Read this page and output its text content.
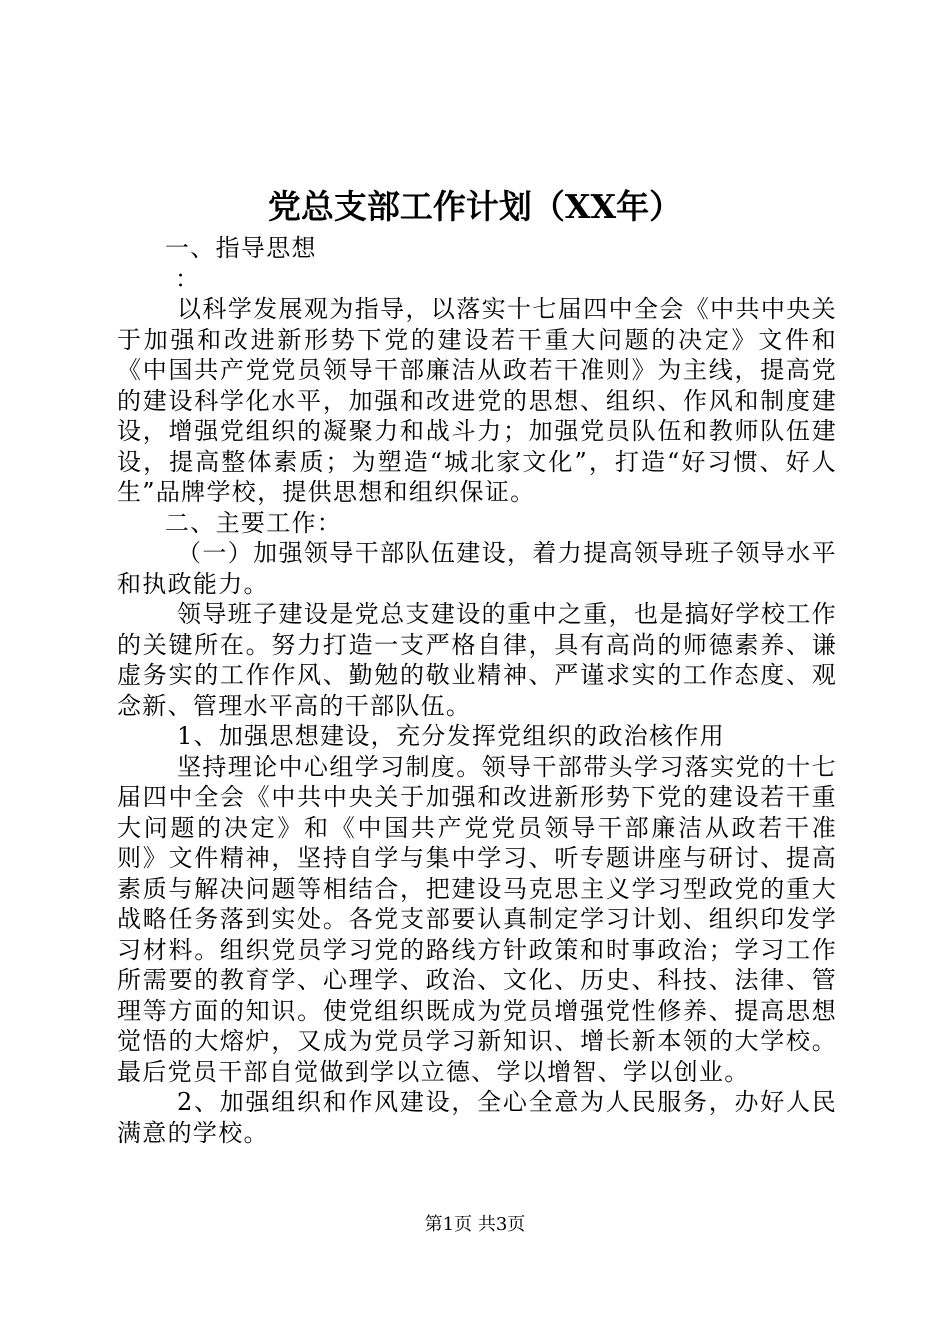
党总支部工作计划（XX年）

一、指导思想

：

以科学发展观为指导，以落实十七届四中全会《中共中央关于加强和改进新形势下党的建设若干重大问题的决定》文件和《中国共产党党员领导干部廉洁从政若干准则》为主线，提高党的建设科学化水平，加强和改进党的思想、组织、作风和制度建设，增强党组织的凝聚力和战斗力；加强党员队伍和教师队伍建设，提高整体素质；为塑造“城北家文化”，打造“好习惯、好人生”品牌学校，提供思想和组织保证。

二、主要工作：

（一）加强领导干部队伍建设，着力提高领导班子领导水平和执政能力。

领导班子建设是党总支建设的重中之重，也是搞好学校工作的关键所在。努力打造一支严格自律，具有高尚的师德素养、谦虚务实的工作作风、勤勉的敬业精神、严谨求实的工作态度、观念新、管理水平高的干部队伍。

1、加强思想建设，充分发挥党组织的政治核作用

坚持理论中心组学习制度。领导干部带头学习落实党的十七届四中全会《中共中央关于加强和改进新形势下党的建设若干重大问题的决定》和《中国共产党党员领导干部廉洁从政若干准则》文件精神，坚持自学与集中学习、听专题讲座与研讨、提高素质与解决问题等相结合，把建设马克思主义学习型政党的重大战略任务落到实处。各党支部要认真制定学习计划、组织印发学习材料。组织党员学习党的路线方针政策和时事政治；学习工作所需要的教育学、心理学、政治、文化、历史、科技、法律、管理等方面的知识。使党组织既成为党员增强党性修养、提高思想觉悟的大熔炉，又成为党员学习新知识、增长新本领的大学校。最后党员干部自觉做到学以立德、学以增智、学以创业。

2、加强组织和作风建设，全心全意为人民服务，办好人民满意的学校。

第1页 共3页
